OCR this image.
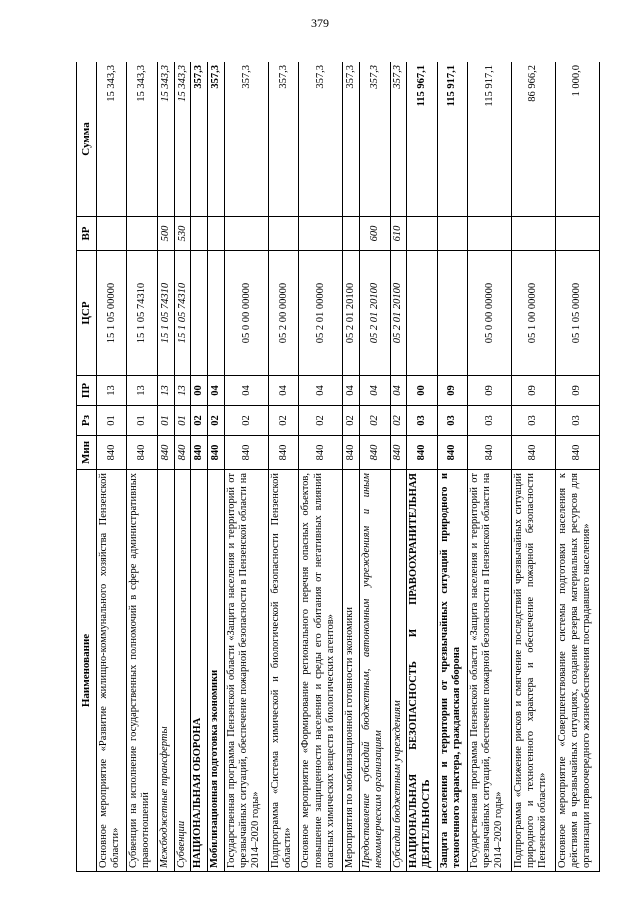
379
Наименование	Мин	Рз	ПР	ЦСР	ВР	Сумма
Основное мероприятие «Развитие жилищно-коммунального хозяйства Пензенской области»	840	01	13	15 1 05 00000		15 343,3
Субвенции на исполнение государственных полномочий в сфере административных правоотношений	840	01	13	15 1 05 74310		15 343,3
Межбюджетные трансферты	840	01	13	15 1 05 74310	500	15 343,3
Субвенции	840	01	13	15 1 05 74310	530	15 343,3
НАЦИОНАЛЬНАЯ ОБОРОНА	840	02	00			357,3
Мобилизационная подготовка экономики	840	02	04			357,3
Государственная программа Пензенской области «Защита населения и территорий от чрезвычайных ситуаций, обеспечение пожарной безопасности в Пензенской области на 2014–2020 годы»	840	02	04	05 0 00 00000		357,3
Подпрограмма «Система химической и биологической безопасности Пензенской области»	840	02	04	05 2 00 00000		357,3
Основное мероприятие «Формирование регионального перечня опасных объектов, повышение защищенности населения и среды его обитания от негативных влияний опасных химических веществ и биологических агентов»	840	02	04	05 2 01 00000		357,3
Мероприятия по мобилизационной готовности экономики	840	02	04	05 2 01 20100		357,3
Предоставление субсидий бюджетным, автономным учреждениям и иным некоммерческим организациям	840	02	04	05 2 01 20100	600	357,3
Субсидии бюджетным учреждениям	840	02	04	05 2 01 20100	610	357,3
НАЦИОНАЛЬНАЯ БЕЗОПАСНОСТЬ И ПРАВООХРАНИТЕЛЬНАЯ ДЕЯТЕЛЬНОСТЬ	840	03	00			115 967,1
Защита населения и территории от чрезвычайных ситуаций природного и техногенного характера, гражданская оборона	840	03	09			115 917,1
Государственная программа Пензенской области «Защита населения и территорий от чрезвычайных ситуаций, обеспечение пожарной безопасности в Пензенской области на 2014–2020 годы»	840	03	09	05 0 00 00000		115 917,1
Подпрограмма «Снижение рисков и смягчение последствий чрезвычайных ситуаций природного и техногенного характера и обеспечение пожарной безопасности Пензенской области»	840	03	09	05 1 00 00000		86 966,2
Основное мероприятие «Совершенствование системы подготовки населения к действиям в чрезвычайных ситуациях, создание резерва материальных ресурсов для организации первоочередного жизнеобеспечения пострадавшего населения»	840	03	09	05 1 05 00000		1 000,0
